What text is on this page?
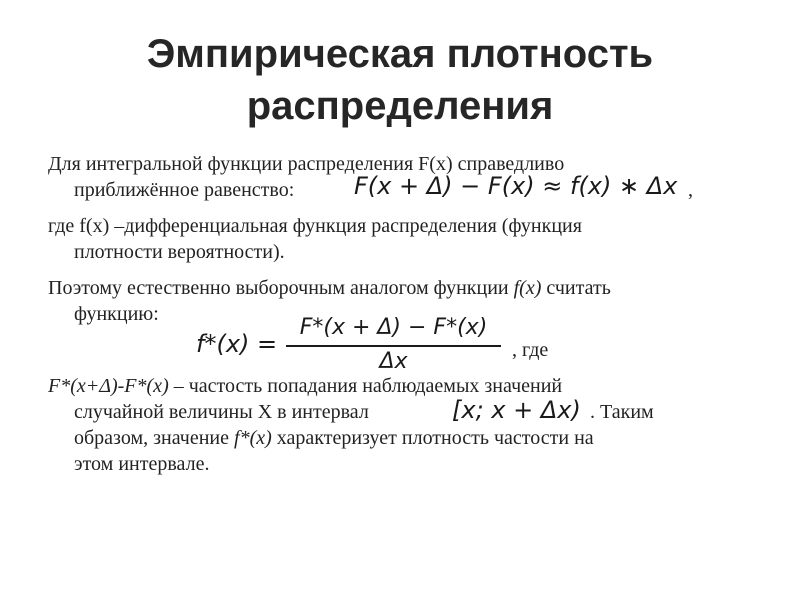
Эмпирическая плотность
распределения
Для интегральной функции распределения F(x) справедливо
приближённое равенство: F(x + Δ) − F(x) ≈ f(x) ∗ Δx ,
где f(x) –дифференциальная функция распределения (функция
плотности вероятности).
Поэтому естественно выборочным аналогом функции f(x) считать
функцию:
f*(x) =
F*(x + Δ) − F*(x)
Δx	, где
F*(x+Δ)-F*(x) – частость попадания наблюдаемых значений
случайной величины X в интервал	[x; x + Δx) . Таким
образом, значение f*(x) характеризует плотность частости на
этом интервале.
